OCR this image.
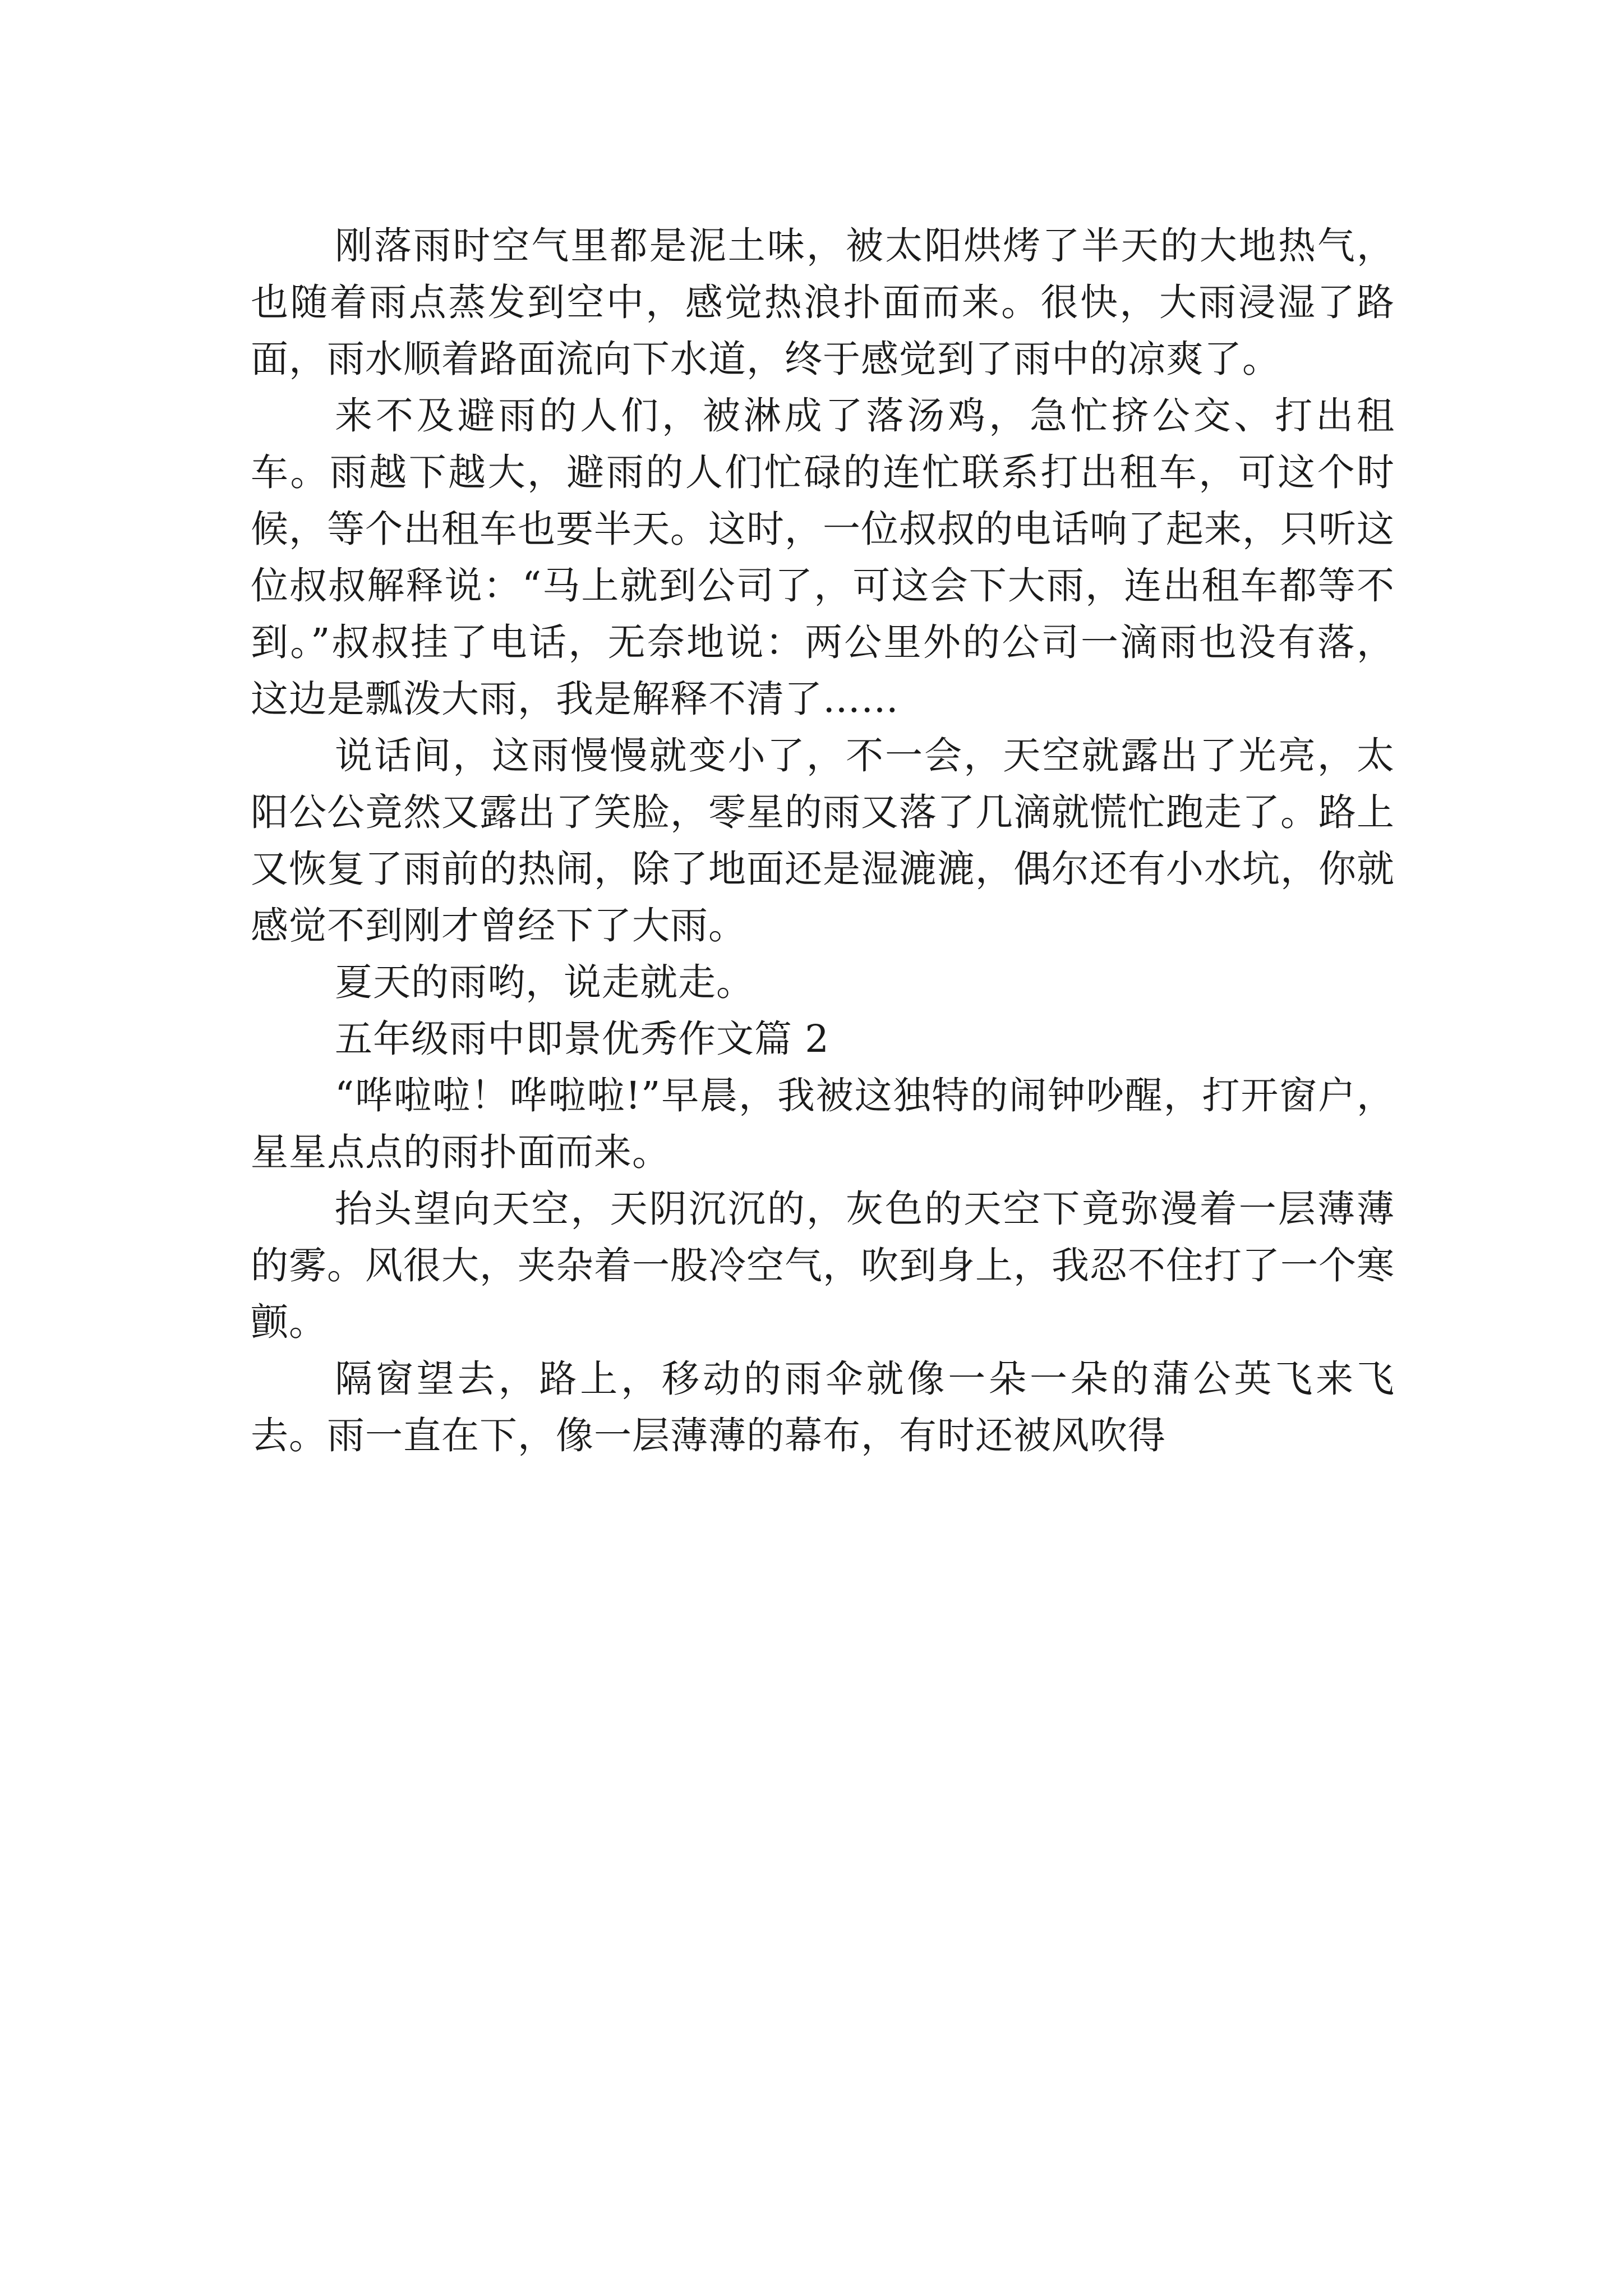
刚落雨时空气里都是泥土味，被太阳烘烤了半天的大地热气，也随着雨点蒸发到空中，感觉热浪扑面而来。很快，大雨浸湿了路面，雨水顺着路面流向下水道，终于感觉到了雨中的凉爽了。

来不及避雨的人们，被淋成了落汤鸡，急忙挤公交、打出租车。雨越下越大，避雨的人们忙碌的连忙联系打出租车，可这个时候，等个出租车也要半天。这时，一位叔叔的电话响了起来，只听这位叔叔解释说：“马上就到公司了，可这会下大雨，连出租车都等不到。”叔叔挂了电话，无奈地说：两公里外的公司一滴雨也没有落，这边是瓢泼大雨，我是解释不清了……

说话间，这雨慢慢就变小了，不一会，天空就露出了光亮，太阳公公竟然又露出了笑脸，零星的雨又落了几滴就慌忙跑走了。路上又恢复了雨前的热闹，除了地面还是湿漉漉，偶尔还有小水坑，你就感觉不到刚才曾经下了大雨。

夏天的雨哟，说走就走。

五年级雨中即景优秀作文篇 2

“哗啦啦！哗啦啦!”早晨，我被这独特的闹钟吵醒，打开窗户，星星点点的雨扑面而来。

抬头望向天空，天阴沉沉的，灰色的天空下竟弥漫着一层薄薄的雾。风很大，夹杂着一股冷空气，吹到身上，我忍不住打了一个寒颤。

隔窗望去，路上，移动的雨伞就像一朵一朵的蒲公英飞来飞去。雨一直在下，像一层薄薄的幕布，有时还被风吹得
